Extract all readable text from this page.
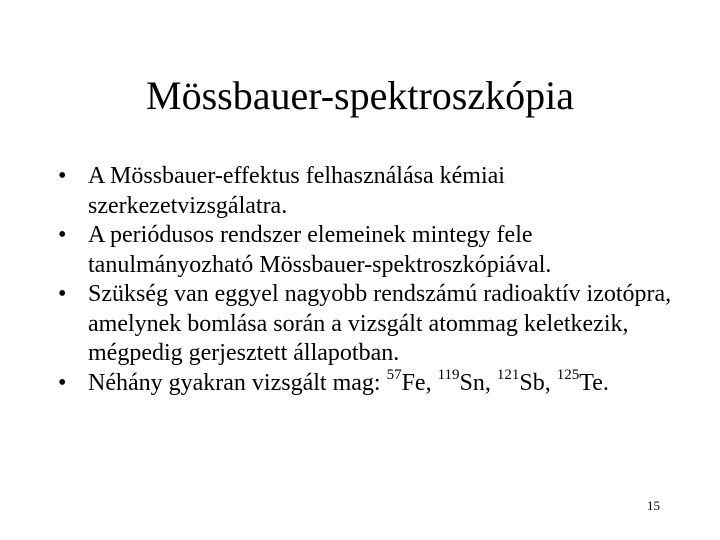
Mössbauer-spektroszkópia
• A Mössbauer-effektus felhasználása kémiai szerkezetvizsgálatra.
• A periódusos rendszer elemeinek mintegy fele tanulmányozható Mössbauer-spektroszkópiával.
• Szükség van eggyel nagyobb rendszámú radioaktív izotópra, amelynek bomlása során a vizsgált atommag keletkezik, mégpedig gerjesztett állapotban.
• Néhány gyakran vizsgált mag: $^{57}$Fe, $^{119}$Sn, $^{121}$Sb, $^{125}$Te.
15
